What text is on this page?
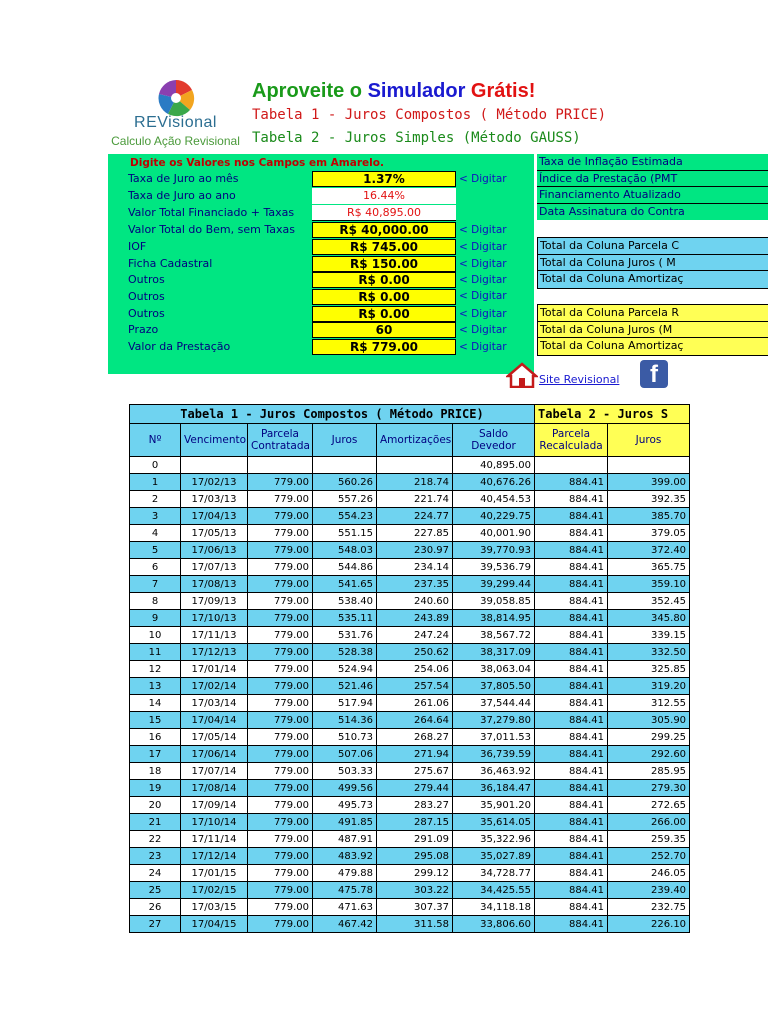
REVisional
Calculo Ação Revisional
Aproveite o Simulador Grátis!
Tabela 1 - Juros Compostos ( Método PRICE)
Tabela 2 - Juros Simples (Método GAUSS)
Digite os Valores nos Campos em Amarelo.
Taxa de Juro ao mês	1.37%	< Digitar
Taxa de Juro ao ano	16.44%
Valor Total Financiado + Taxas	R$ 40,895.00
Valor Total do Bem, sem Taxas	R$ 40,000.00	< Digitar
IOF	R$ 745.00	< Digitar
Ficha Cadastral	R$ 150.00	< Digitar
Outros	R$ 0.00	< Digitar
Outros	R$ 0.00
Outros	R$ 0.00	< Digitar
Prazo	60	< Digitar
Valor da Prestação	R$ 779.00	< Digitar
< Digitar
Taxa de Inflação Estimada
Índice da Prestação (PMT
Financiamento Atualizado
Data Assinatura do Contra
Total da Coluna Parcela C
Total da Coluna Juros ( M
Total da Coluna Amortizaç
Total da Coluna Parcela R
Total da Coluna Juros (M
Total da Coluna Amortizaç
Site Revisional	f
Tabela 1 - Juros Compostos ( Método PRICE)						Tabela 2 - Juros S	
Nº	Vencimento	Parcela Contratada	Juros	Amortizações	Saldo Devedor	Parcela Recalculada	Juros
0					40,895.00		
1	17/02/13	779.00	560.26	218.74	40,676.26	884.41	399.00
2	17/03/13	779.00	557.26	221.74	40,454.53	884.41	392.35
3	17/04/13	779.00	554.23	224.77	40,229.75	884.41	385.70
4	17/05/13	779.00	551.15	227.85	40,001.90	884.41	379.05
5	17/06/13	779.00	548.03	230.97	39,770.93	884.41	372.40
6	17/07/13	779.00	544.86	234.14	39,536.79	884.41	365.75
7	17/08/13	779.00	541.65	237.35	39,299.44	884.41	359.10
8	17/09/13	779.00	538.40	240.60	39,058.85	884.41	352.45
9	17/10/13	779.00	535.11	243.89	38,814.95	884.41	345.80
10	17/11/13	779.00	531.76	247.24	38,567.72	884.41	339.15
11	17/12/13	779.00	528.38	250.62	38,317.09	884.41	332.50
12	17/01/14	779.00	524.94	254.06	38,063.04	884.41	325.85
13	17/02/14	779.00	521.46	257.54	37,805.50	884.41	319.20
14	17/03/14	779.00	517.94	261.06	37,544.44	884.41	312.55
15	17/04/14	779.00	514.36	264.64	37,279.80	884.41	305.90
16	17/05/14	779.00	510.73	268.27	37,011.53	884.41	299.25
17	17/06/14	779.00	507.06	271.94	36,739.59	884.41	292.60
18	17/07/14	779.00	503.33	275.67	36,463.92	884.41	285.95
19	17/08/14	779.00	499.56	279.44	36,184.47	884.41	279.30
20	17/09/14	779.00	495.73	283.27	35,901.20	884.41	272.65
21	17/10/14	779.00	491.85	287.15	35,614.05	884.41	266.00
22	17/11/14	779.00	487.91	291.09	35,322.96	884.41	259.35
23	17/12/14	779.00	483.92	295.08	35,027.89	884.41	252.70
24	17/01/15	779.00	479.88	299.12	34,728.77	884.41	246.05
25	17/02/15	779.00	475.78	303.22	34,425.55	884.41	239.40
26	17/03/15	779.00	471.63	307.37	34,118.18	884.41	232.75
27	17/04/15	779.00	467.42	311.58	33,806.60	884.41	226.10
